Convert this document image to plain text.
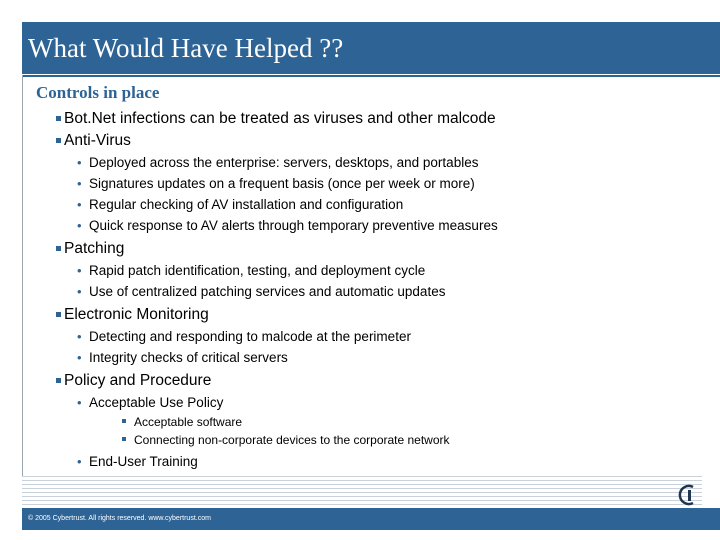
What Would Have Helped ??
Controls in place
Bot.Net infections can be treated as viruses and other malcode
Anti-Virus
• Deployed across the enterprise: servers, desktops, and portables
• Signatures updates on a frequent basis (once per week or more)
• Regular checking of AV installation and configuration
• Quick response to AV alerts through temporary preventive measures
Patching
• Rapid patch identification, testing, and deployment cycle
• Use of centralized patching services and automatic updates
Electronic Monitoring
• Detecting and responding to malcode at the perimeter
• Integrity checks of critical servers
Policy and Procedure
• Acceptable Use Policy
Acceptable software
Connecting non-corporate devices to the corporate network
• End-User Training
© 2005 Cybertrust. All rights reserved. www.cybertrust.com
